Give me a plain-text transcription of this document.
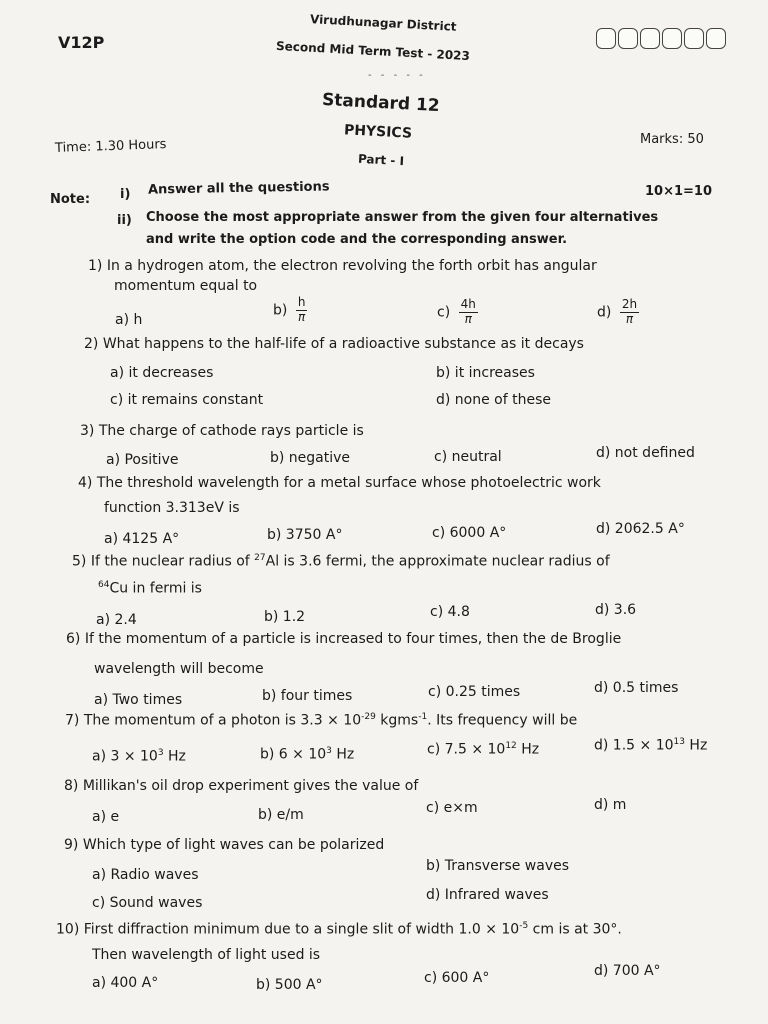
V12P
Virudhunagar District
Second Mid Term Test - 2023
- - - - -
Standard 12
PHYSICS
Part - I
Time: 1.30 Hours	Marks: 50
Note: i) Answer all the questions	10×1=10
ii) Choose the most appropriate answer from the given four alternatives
and write the option code and the corresponding answer.
1) In a hydrogen atom, the electron revolving the forth orbit has angular
momentum equal to
a) h
$b) \frac{h}{\pi}$	$c) \frac{4h}{\pi}$	$d) \frac{2h}{\pi}$
2) What happens to the half-life of a radioactive substance as it decays
a) it decreases	b) it increases
c) it remains constant	d) none of these
3) The charge of cathode rays particle is
a) Positive	b) negative	c) neutral	d) not defined
4) The threshold wavelength for a metal surface whose photoelectric work
function 3.313eV is
a) 4125 A°	b) 3750 A°	c) 6000 A°	d) 2062.5 A°
5) If the nuclear radius of $^{27}$Al is 3.6 fermi, the approximate nuclear radius of
$^{64}$Cu in fermi is
a) 2.4	b) 1.2	c) 4.8	d) 3.6
6) If the momentum of a particle is increased to four times, then the de Broglie
wavelength will become
a) Two times	b) four times	c) 0.25 times	d) 0.5 times
7) The momentum of a photon is $3.3 \times 10^{-29}$ kgms$^{-1}$. Its frequency will be
a) $3 \times 10^3$ Hz	b) $6 \times 10^3$ Hz	c) $7.5 \times 10^{12}$ Hz	d) $1.5 \times 10^{13}$ Hz
8) Millikan's oil drop experiment gives the value of
a) e	b) e/m	c) e×m	d) m
9) Which type of light waves can be polarized
a) Radio waves
b) Transverse waves
c) Sound waves	d) Infrared waves
10) First diffraction minimum due to a single slit of width $1.0 \times 10^{-5}$ cm is at 30°.
Then wavelength of light used is
a) 400 A°	b) 500 A°	c) 600 A°	d) 700 A°
